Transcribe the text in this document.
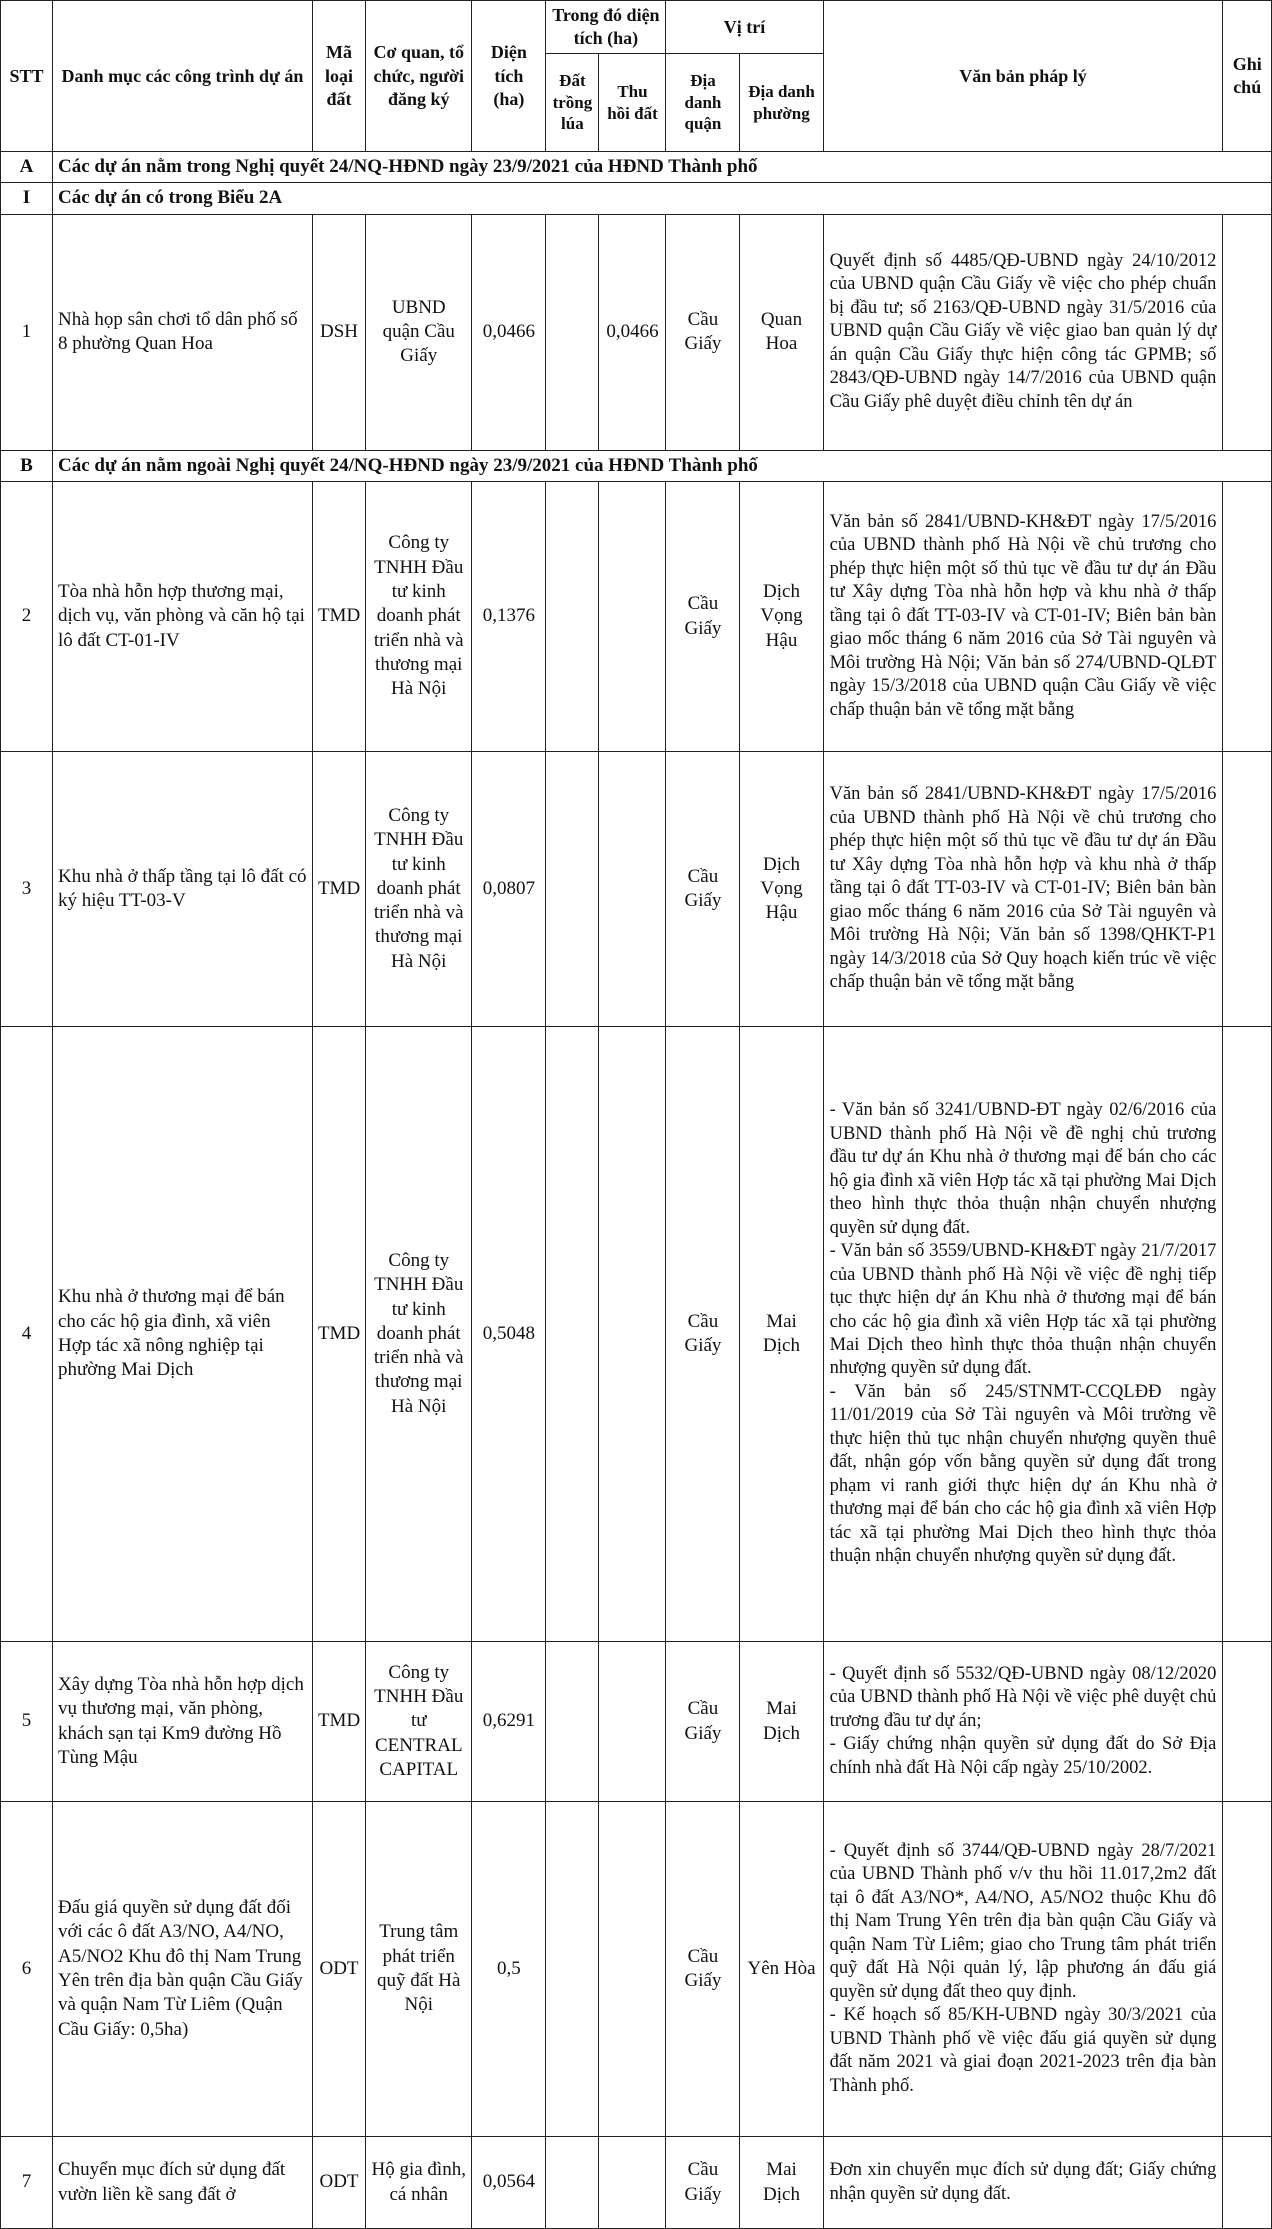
STT	Danh mục các công trình dự án	Mã loại đất	Cơ quan, tổ chức, người đăng ký	Diện tích (ha)	Trong đó diện tích (ha)		Vị trí		Văn bản pháp lý	Ghi chú
					Đất trồng lúa	Thu hồi đất	Địa danh quận	Địa danh phường		
A	Các dự án nằm trong Nghị quyết 24/NQ-HĐND ngày 23/9/2021 của HĐND Thành phố									
I	Các dự án có trong Biểu 2A									
1	Nhà họp sân chơi tổ dân phố số 8 phường Quan Hoa	DSH	UBND quận Cầu Giấy	0,0466		0,0466	Cầu Giấy	Quan Hoa	Quyết định số 4485/QĐ-UBND ngày 24/10/2012 của UBND quận Cầu Giấy về việc cho phép chuẩn bị đầu tư; số 2163/QĐ-UBND ngày 31/5/2016 của UBND quận Cầu Giấy về việc giao ban quản lý dự án quận Cầu Giấy thực hiện công tác GPMB; số 2843/QĐ-UBND ngày 14/7/2016 của UBND quận Cầu Giấy phê duyệt điều chỉnh tên dự án	
B	Các dự án nằm ngoài Nghị quyết 24/NQ-HĐND ngày 23/9/2021 của HĐND Thành phố									
2	Tòa nhà hỗn hợp thương mại, dịch vụ, văn phòng và căn hộ tại lô đất CT-01-IV	TMD	Công ty TNHH Đầu tư kinh doanh phát triển nhà và thương mại Hà Nội	0,1376			Cầu Giấy	Dịch Vọng Hậu	Văn bản số 2841/UBND-KH&ĐT ngày 17/5/2016 của UBND thành phố Hà Nội về chủ trương cho phép thực hiện một số thủ tục về đầu tư dự án Đầu tư Xây dựng Tòa nhà hỗn hợp và khu nhà ở thấp tầng tại ô đất TT-03-IV và CT-01-IV; Biên bản bàn giao mốc tháng 6 năm 2016 của Sở Tài nguyên và Môi trường Hà Nội; Văn bản số 274/UBND-QLĐT ngày 15/3/2018 của UBND quận Cầu Giấy về việc chấp thuận bản vẽ tổng mặt bằng	
3	Khu nhà ở thấp tầng tại lô đất có ký hiệu TT-03-V	TMD	Công ty TNHH Đầu tư kinh doanh phát triển nhà và thương mại Hà Nội	0,0807			Cầu Giấy	Dịch Vọng Hậu	Văn bản số 2841/UBND-KH&ĐT ngày 17/5/2016 của UBND thành phố Hà Nội về chủ trương cho phép thực hiện một số thủ tục về đầu tư dự án Đầu tư Xây dựng Tòa nhà hỗn hợp và khu nhà ở thấp tầng tại ô đất TT-03-IV và CT-01-IV; Biên bản bàn giao mốc tháng 6 năm 2016 của Sở Tài nguyên và Môi trường Hà Nội; Văn bản số 1398/QHKT-P1 ngày 14/3/2018 của Sở Quy hoạch kiến trúc về việc chấp thuận bản vẽ tổng mặt bằng	
4	Khu nhà ở thương mại để bán cho các hộ gia đình, xã viên Hợp tác xã nông nghiệp tại phường Mai Dịch	TMD	Công ty TNHH Đầu tư kinh doanh phát triển nhà và thương mại Hà Nội	0,5048			Cầu Giấy	Mai Dịch	- Văn bản số 3241/UBND-ĐT ngày 02/6/2016 của UBND thành phố Hà Nội về đề nghị chủ trương đầu tư dự án Khu nhà ở thương mại để bán cho các hộ gia đình xã viên Hợp tác xã tại phường Mai Dịch theo hình thực thỏa thuận nhận chuyển nhượng quyền sử dụng đất.
- Văn bản số 3559/UBND-KH&ĐT ngày 21/7/2017 của UBND thành phố Hà Nội về việc đề nghị tiếp tục thực hiện dự án Khu nhà ở thương mại để bán cho các hộ gia đình xã viên Hợp tác xã tại phường Mai Dịch theo hình thực thỏa thuận nhận chuyển nhượng quyền sử dụng đất.
- Văn bản số 245/STNMT-CCQLĐĐ ngày 11/01/2019 của Sở Tài nguyên và Môi trường về thực hiện thủ tục nhận chuyển nhượng quyền thuê đất, nhận góp vốn bằng quyền sử dụng đất trong phạm vi ranh giới thực hiện dự án Khu nhà ở thương mại để bán cho các hộ gia đình xã viên Hợp tác xã tại phường Mai Dịch theo hình thực thỏa thuận nhận chuyển nhượng quyền sử dụng đất.	
5	Xây dựng Tòa nhà hỗn hợp dịch vụ thương mại, văn phòng, khách sạn tại Km9 đường Hồ Tùng Mậu	TMD	Công ty TNHH Đầu tư CENTRAL CAPITAL	0,6291			Cầu Giấy	Mai Dịch	- Quyết định số 5532/QĐ-UBND ngày 08/12/2020 của UBND thành phố Hà Nội về việc phê duyệt chủ trương đầu tư dự án;
- Giấy chứng nhận quyền sử dụng đất do Sở Địa chính nhà đất Hà Nội cấp ngày 25/10/2002.	
6	Đấu giá quyền sử dụng đất đối với các ô đất A3/NO, A4/NO, A5/NO2 Khu đô thị Nam Trung Yên trên địa bàn quận Cầu Giấy và quận Nam Từ Liêm (Quận Cầu Giấy: 0,5ha)	ODT	Trung tâm phát triển quỹ đất Hà Nội	0,5			Cầu Giấy	Yên Hòa	- Quyết định số 3744/QĐ-UBND ngày 28/7/2021 của UBND Thành phố v/v thu hồi 11.017,2m2 đất tại ô đất A3/NO*, A4/NO, A5/NO2 thuộc Khu đô thị Nam Trung Yên trên địa bàn quận Cầu Giấy và quận Nam Từ Liêm; giao cho Trung tâm phát triển quỹ đất Hà Nội quản lý, lập phương án đấu giá quyền sử dụng đất theo quy định.
- Kế hoạch số 85/KH-UBND ngày 30/3/2021 của UBND Thành phố về việc đấu giá quyền sử dụng đất năm 2021 và giai đoạn 2021-2023 trên địa bàn Thành phố.	
7	Chuyển mục đích sử dụng đất vườn liền kề sang đất ở	ODT	Hộ gia đình, cá nhân	0,0564			Cầu Giấy	Mai Dịch	Đơn xin chuyển mục đích sử dụng đất; Giấy chứng nhận quyền sử dụng đất.	
